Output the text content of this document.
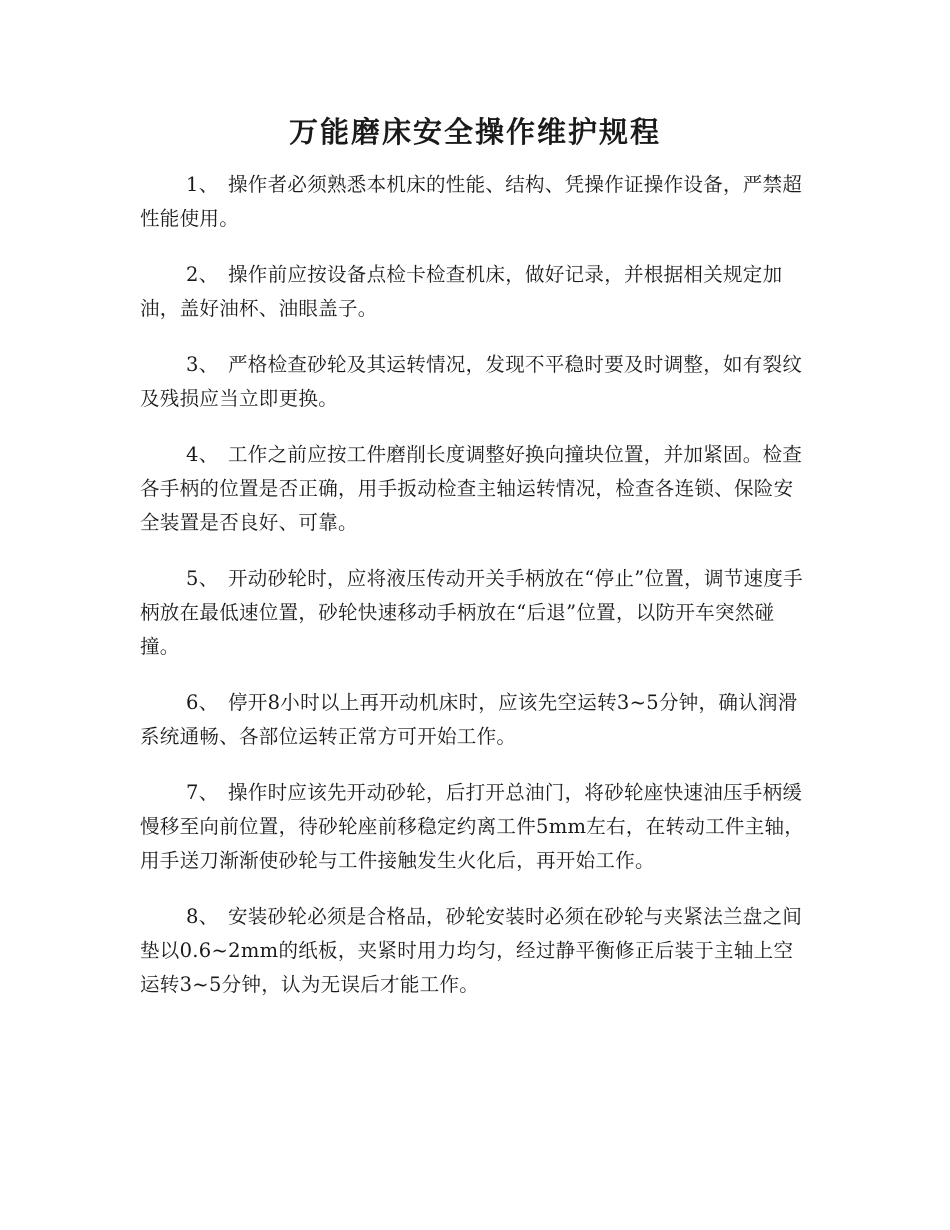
万能磨床安全操作维护规程

1、 操作者必须熟悉本机床的性能、结构、凭操作证操作设备，严禁超性能使用。

2、 操作前应按设备点检卡检查机床，做好记录，并根据相关规定加油，盖好油杯、油眼盖子。

3、 严格检查砂轮及其运转情况，发现不平稳时要及时调整，如有裂纹及残损应当立即更换。

4、 工作之前应按工件磨削长度调整好换向撞块位置，并加紧固。检查各手柄的位置是否正确，用手扳动检查主轴运转情况，检查各连锁、保险安全装置是否良好、可靠。

5、 开动砂轮时，应将液压传动开关手柄放在“停止”位置，调节速度手柄放在最低速位置，砂轮快速移动手柄放在“后退”位置，以防开车突然碰撞。

6、 停开8小时以上再开动机床时，应该先空运转3~5分钟，确认润滑系统通畅、各部位运转正常方可开始工作。

7、 操作时应该先开动砂轮，后打开总油门，将砂轮座快速油压手柄缓慢移至向前位置，待砂轮座前移稳定约离工件5mm左右，在转动工件主轴，用手送刀渐渐使砂轮与工件接触发生火化后，再开始工作。

8、 安装砂轮必须是合格品，砂轮安装时必须在砂轮与夹紧法兰盘之间垫以0.6~2mm的纸板，夹紧时用力均匀，经过静平衡修正后装于主轴上空运转3~5分钟，认为无误后才能工作。
